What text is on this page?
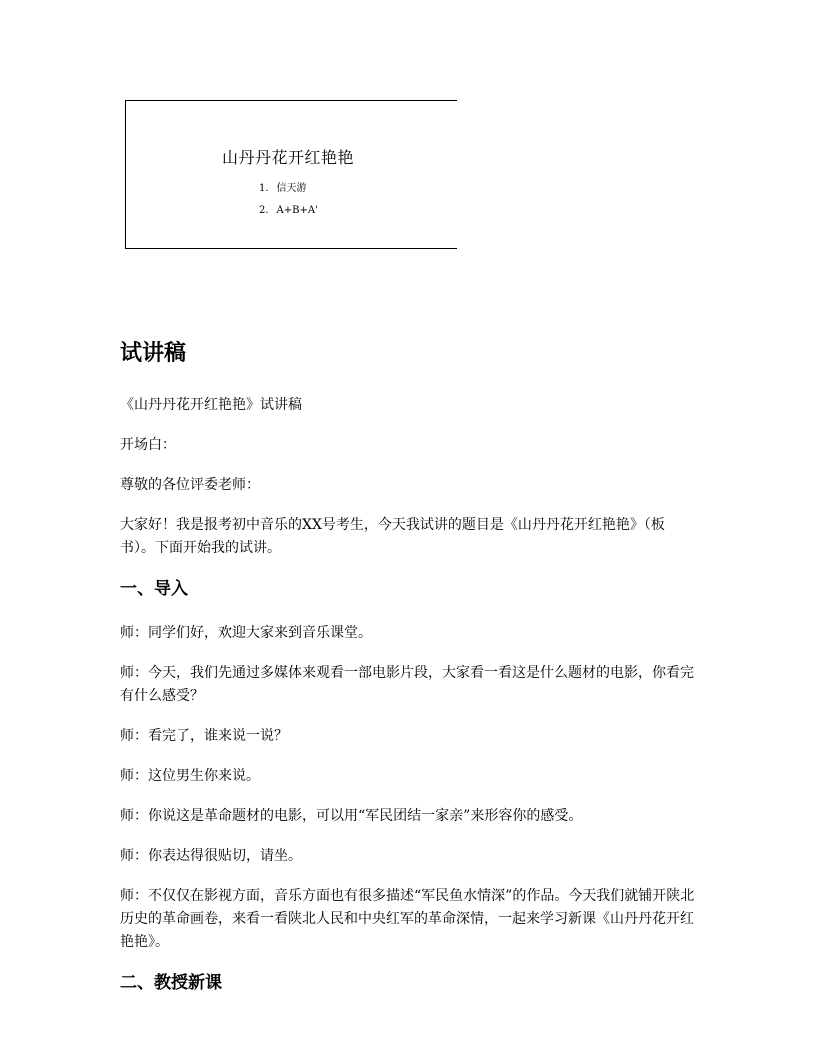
山丹丹花开红艳艳
1. 信天游
2. A+B+A'
试讲稿

《山丹丹花开红艳艳》试讲稿

开场白：

尊敬的各位评委老师：

大家好！我是报考初中音乐的XX号考生，今天我试讲的题目是《山丹丹花开红艳艳》（板书）。下面开始我的试讲。

一、导入

师：同学们好，欢迎大家来到音乐课堂。

师：今天，我们先通过多媒体来观看一部电影片段，大家看一看这是什么题材的电影，你看完有什么感受？

师：看完了，谁来说一说？

师：这位男生你来说。

师：你说这是革命题材的电影，可以用“军民团结一家亲”来形容你的感受。

师：你表达得很贴切，请坐。

师：不仅仅在影视方面，音乐方面也有很多描述“军民鱼水情深”的作品。今天我们就铺开陕北历史的革命画卷，来看一看陕北人民和中央红军的革命深情，一起来学习新课《山丹丹花开红艳艳》。

二、教授新课
